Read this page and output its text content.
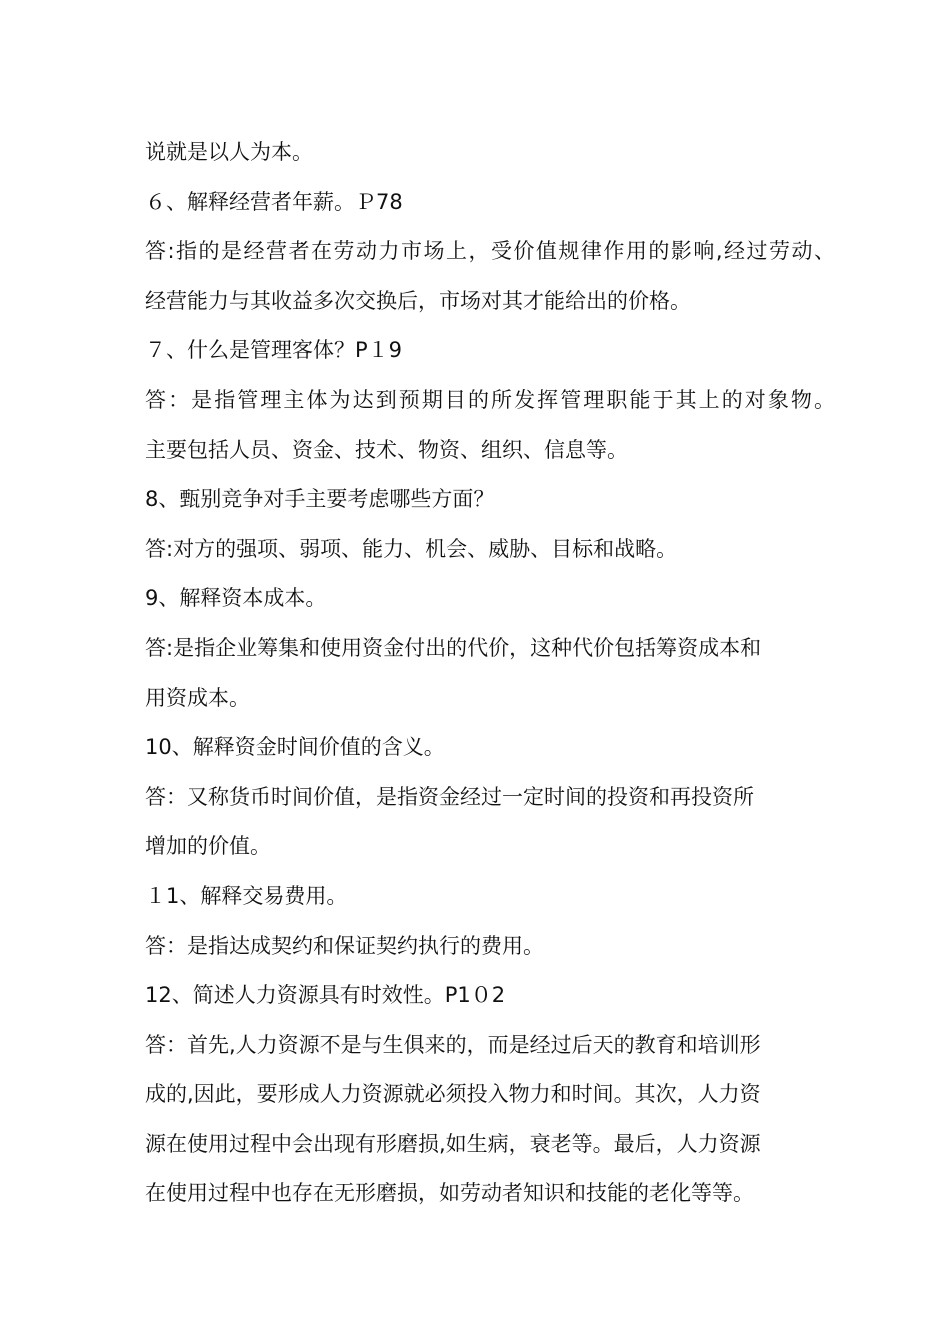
说就是以人为本。
６、解释经营者年薪。Ｐ78
答:指的是经营者在劳动力市场上，受价值规律作用的影响,经过劳动、
经营能力与其收益多次交换后，市场对其才能给出的价格。
７、什么是管理客体？P１9
答：是指管理主体为达到预期目的所发挥管理职能于其上的对象物。
主要包括人员、资金、技术、物资、组织、信息等。
8、甄别竞争对手主要考虑哪些方面？
答:对方的强项、弱项、能力、机会、威胁、目标和战略。
9、解释资本成本。
答:是指企业筹集和使用资金付出的代价，这种代价包括筹资成本和
用资成本。
10、解释资金时间价值的含义。
答：又称货币时间价值，是指资金经过一定时间的投资和再投资所
增加的价值。
１1、解释交易费用。
答：是指达成契约和保证契约执行的费用。
12、简述人力资源具有时效性。P1０2
答：首先,人力资源不是与生俱来的，而是经过后天的教育和培训形
成的,因此，要形成人力资源就必须投入物力和时间。其次，人力资
源在使用过程中会出现有形磨损,如生病，衰老等。最后，人力资源
在使用过程中也存在无形磨损，如劳动者知识和技能的老化等等。
